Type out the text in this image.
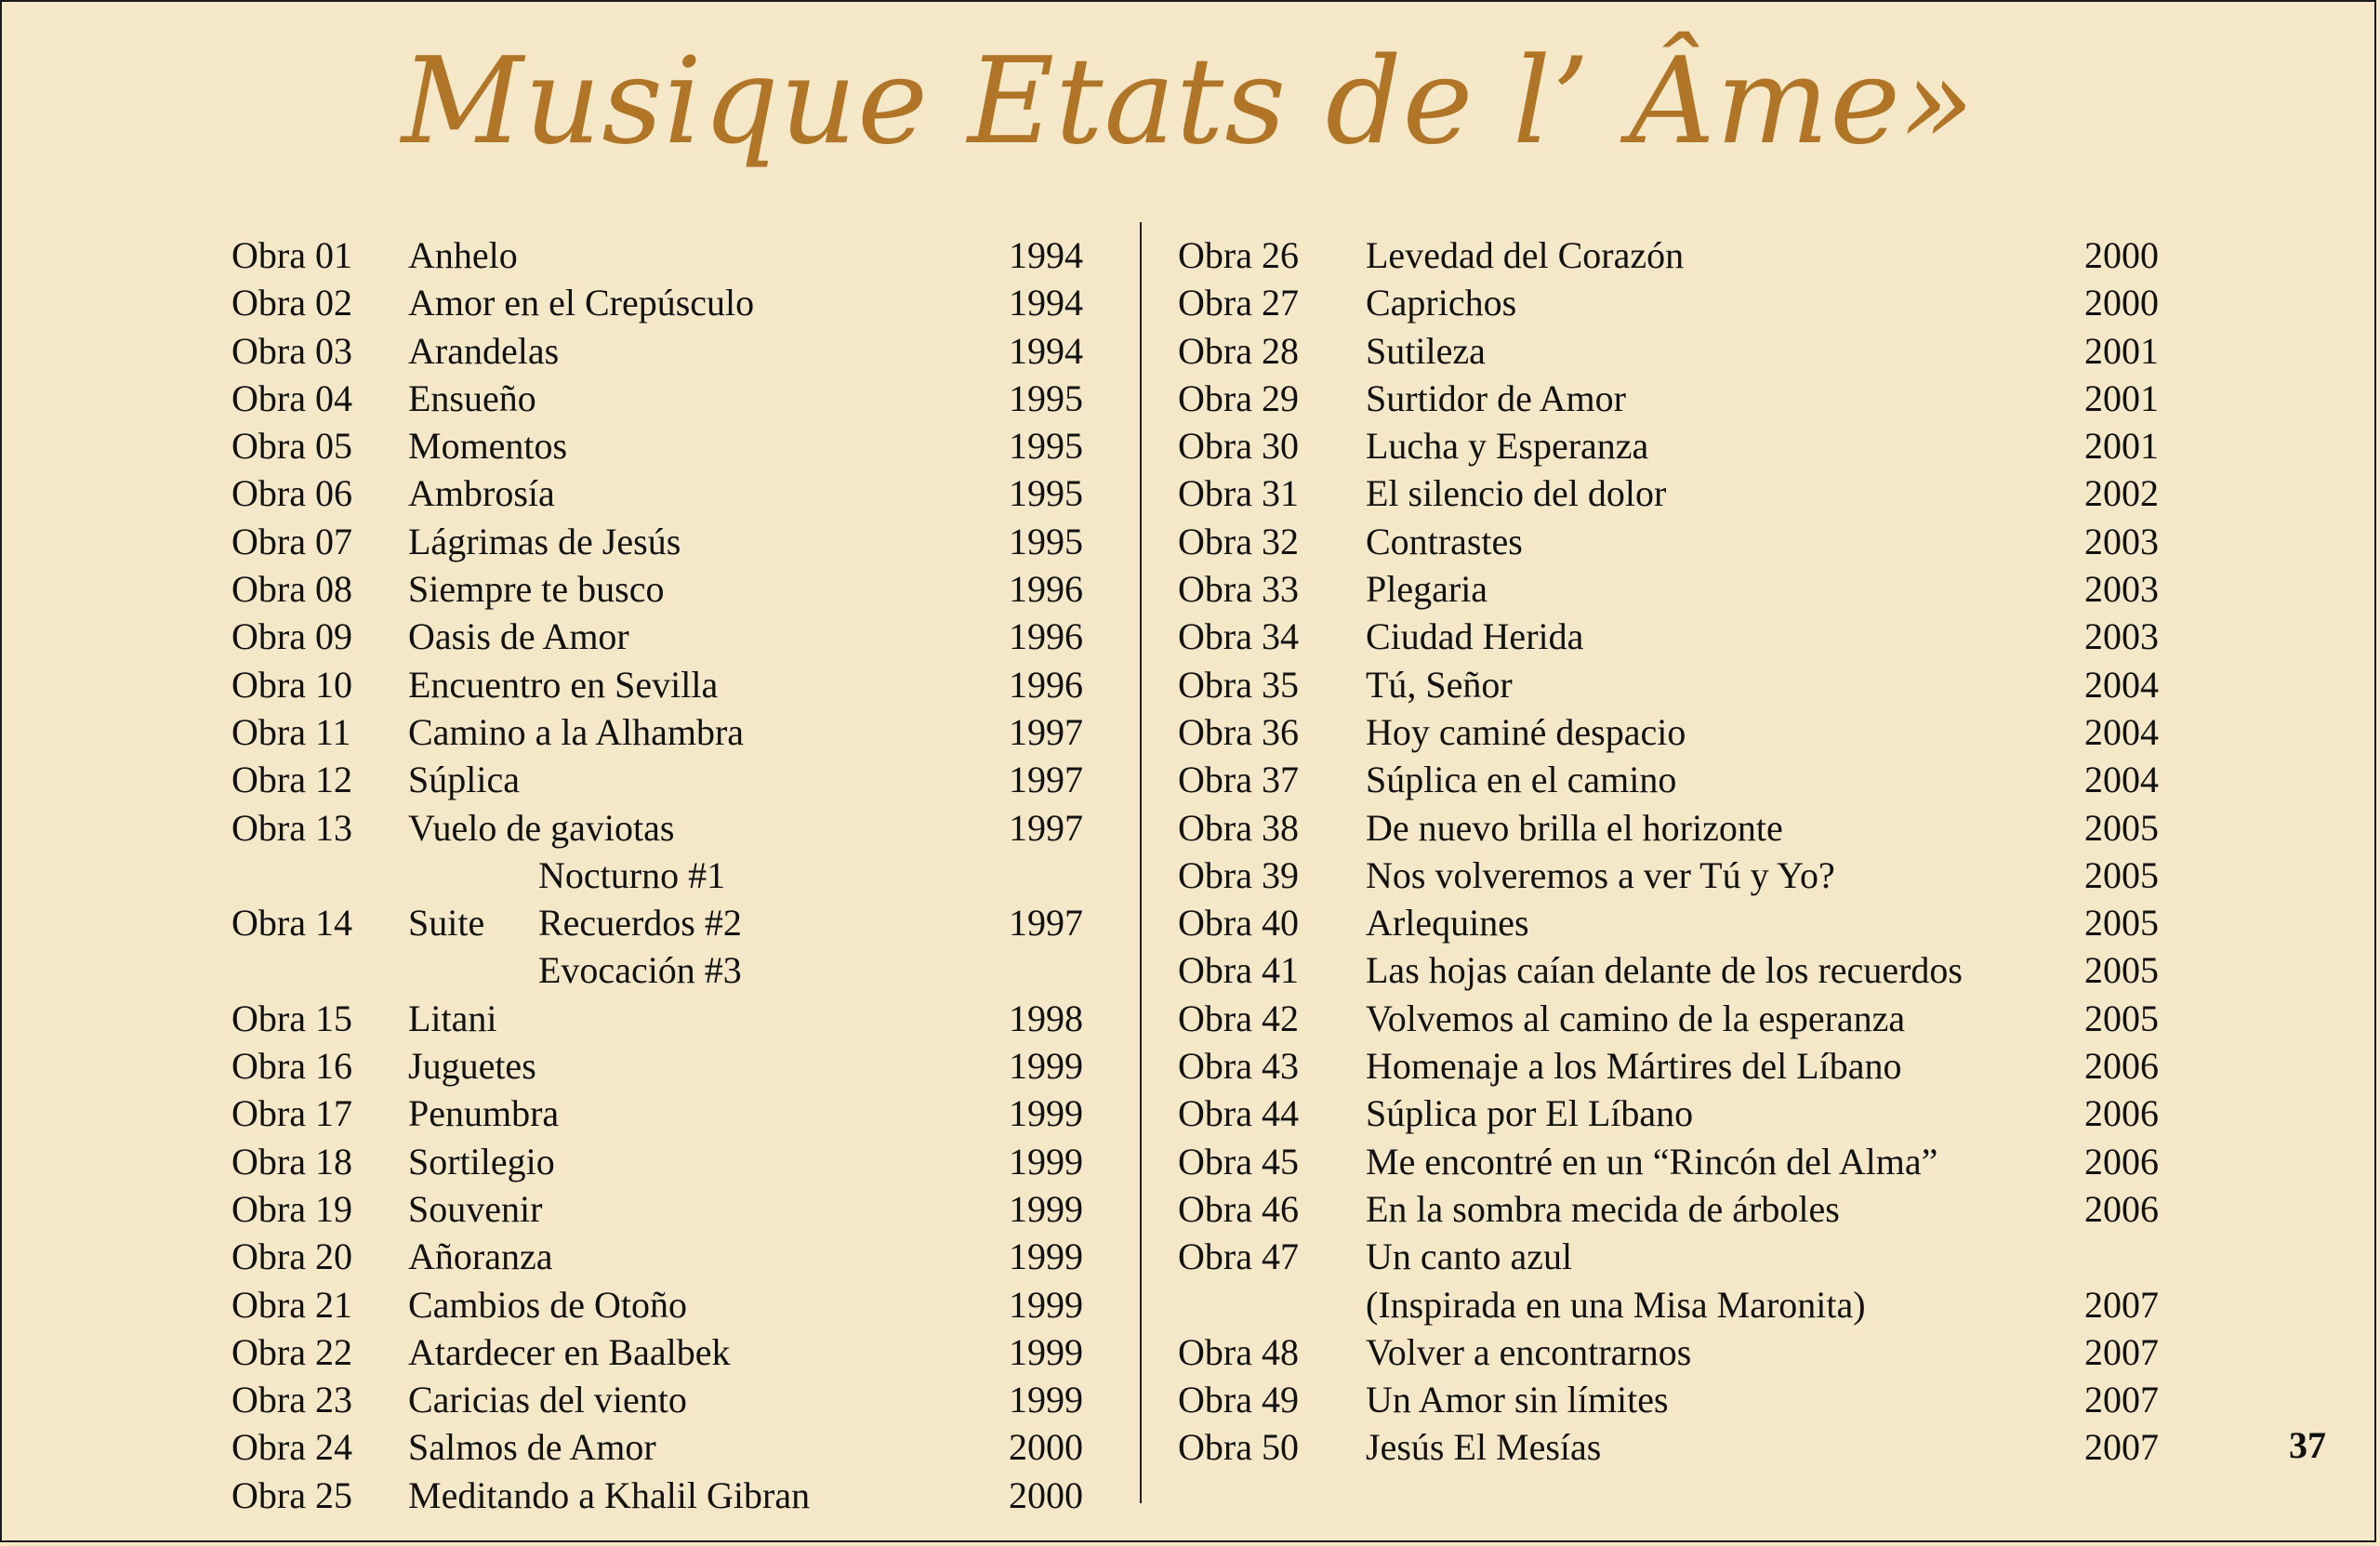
Musique Etats de l’ Âme»
Obra 01 Anhelo	1994
Obra 02 Amor en el Crepúsculo	1994
Obra 03 Arandelas	1994
Obra 04 Ensueño	1995
Obra 05 Momentos	1995
Obra 06 Ambrosía	1995
Obra 07 Lágrimas de Jesús	1995
Obra 08 Siempre te busco	1996
Obra 09 Oasis de Amor	1996
Obra 10 Encuentro en Sevilla	1996
Obra 11 Camino a la Alhambra	1997
Obra 12 Súplica	1997
Obra 13 Vuelo de gaviotas	1997
Nocturno #1
Obra 14 Suite Recuerdos #2	1997
Evocación #3
Obra 15 Litani	1998
Obra 16 Juguetes	1999
Obra 17 Penumbra	1999
Obra 18 Sortilegio	1999
Obra 19 Souvenir	1999
Obra 20 Añoranza	1999
Obra 21 Cambios de Otoño	1999
Obra 22 Atardecer en Baalbek	1999
Obra 23 Caricias del viento	1999
Obra 24 Salmos de Amor	2000
Obra 25 Meditando a Khalil Gibran	2000
Obra 26 Levedad del Corazón	2000
Obra 27 Caprichos	2000
Obra 28 Sutileza	2001
Obra 29 Surtidor de Amor	2001
Obra 30 Lucha y Esperanza	2001
Obra 31 El silencio del dolor	2002
Obra 32 Contrastes	2003
Obra 33 Plegaria	2003
Obra 34 Ciudad Herida	2003
Obra 35 Tú, Señor	2004
Obra 36 Hoy caminé despacio	2004
Obra 37 Súplica en el camino	2004
Obra 38 De nuevo brilla el horizonte	2005
Obra 39 Nos volveremos a ver Tú y Yo?	2005
Obra 40 Arlequines	2005
Obra 41 Las hojas caían delante de los recuerdos	2005
Obra 42 Volvemos al camino de la esperanza	2005
Obra 43 Homenaje a los Mártires del Líbano	2006
Obra 44 Súplica por El Líbano	2006
Obra 45 Me encontré en un “Rincón del Alma”	2006
Obra 46 En la sombra mecida de árboles	2006
Obra 47 Un canto azul
(Inspirada en una Misa Maronita)	2007
Obra 48 Volver a encontrarnos	2007
Obra 49 Un Amor sin límites	2007
Obra 50 Jesús El Mesías	2007	37
